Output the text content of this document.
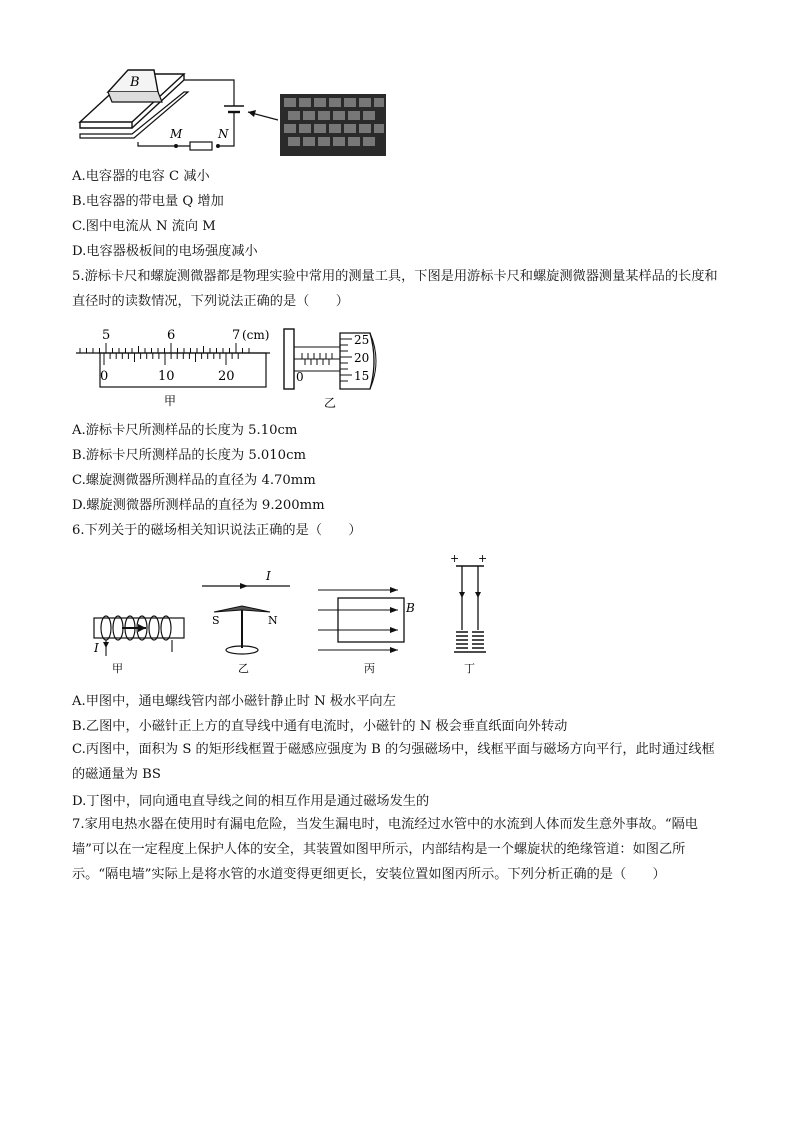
B
M	N
A.电容器的电容 C 减小
B.电容器的带电量 Q 增加
C.图中电流从 N 流向 M
D.电容器极板间的电场强度减小
5.游标卡尺和螺旋测微器都是物理实验中常用的测量工具，下图是用游标卡尺和螺旋测微器测量某样品的长度和直径时的读数情况，下列说法正确的是（　　）
5	6	7 (cm)
0	10	20
甲
0
25
20
15
乙
A.游标卡尺所测样品的长度为 5.10cm
B.游标卡尺所测样品的长度为 5.010cm
C.螺旋测微器所测样品的直径为 4.70mm
D.螺旋测微器所测样品的直径为 9.200mm
6.下列关于的磁场相关知识说法正确的是（　　）
I
甲
I
S	N
乙
B
丙
+ +
丁
A.甲图中，通电螺线管内部小磁针静止时 N 极水平向左
B.乙图中，小磁针正上方的直导线中通有电流时，小磁针的 N 极会垂直纸面向外转动
C.丙图中，面积为 S 的矩形线框置于磁感应强度为 B 的匀强磁场中，线框平面与磁场方向平行，此时通过线框的磁通量为 BS
D.丁图中，同向通电直导线之间的相互作用是通过磁场发生的
7.家用电热水器在使用时有漏电危险，当发生漏电时，电流经过水管中的水流到人体而发生意外事故。“隔电墙”可以在一定程度上保护人体的安全，其装置如图甲所示，内部结构是一个螺旋状的绝缘管道：如图乙所示。“隔电墙”实际上是将水管的水道变得更细更长，安装位置如图丙所示。下列分析正确的是（　　）
